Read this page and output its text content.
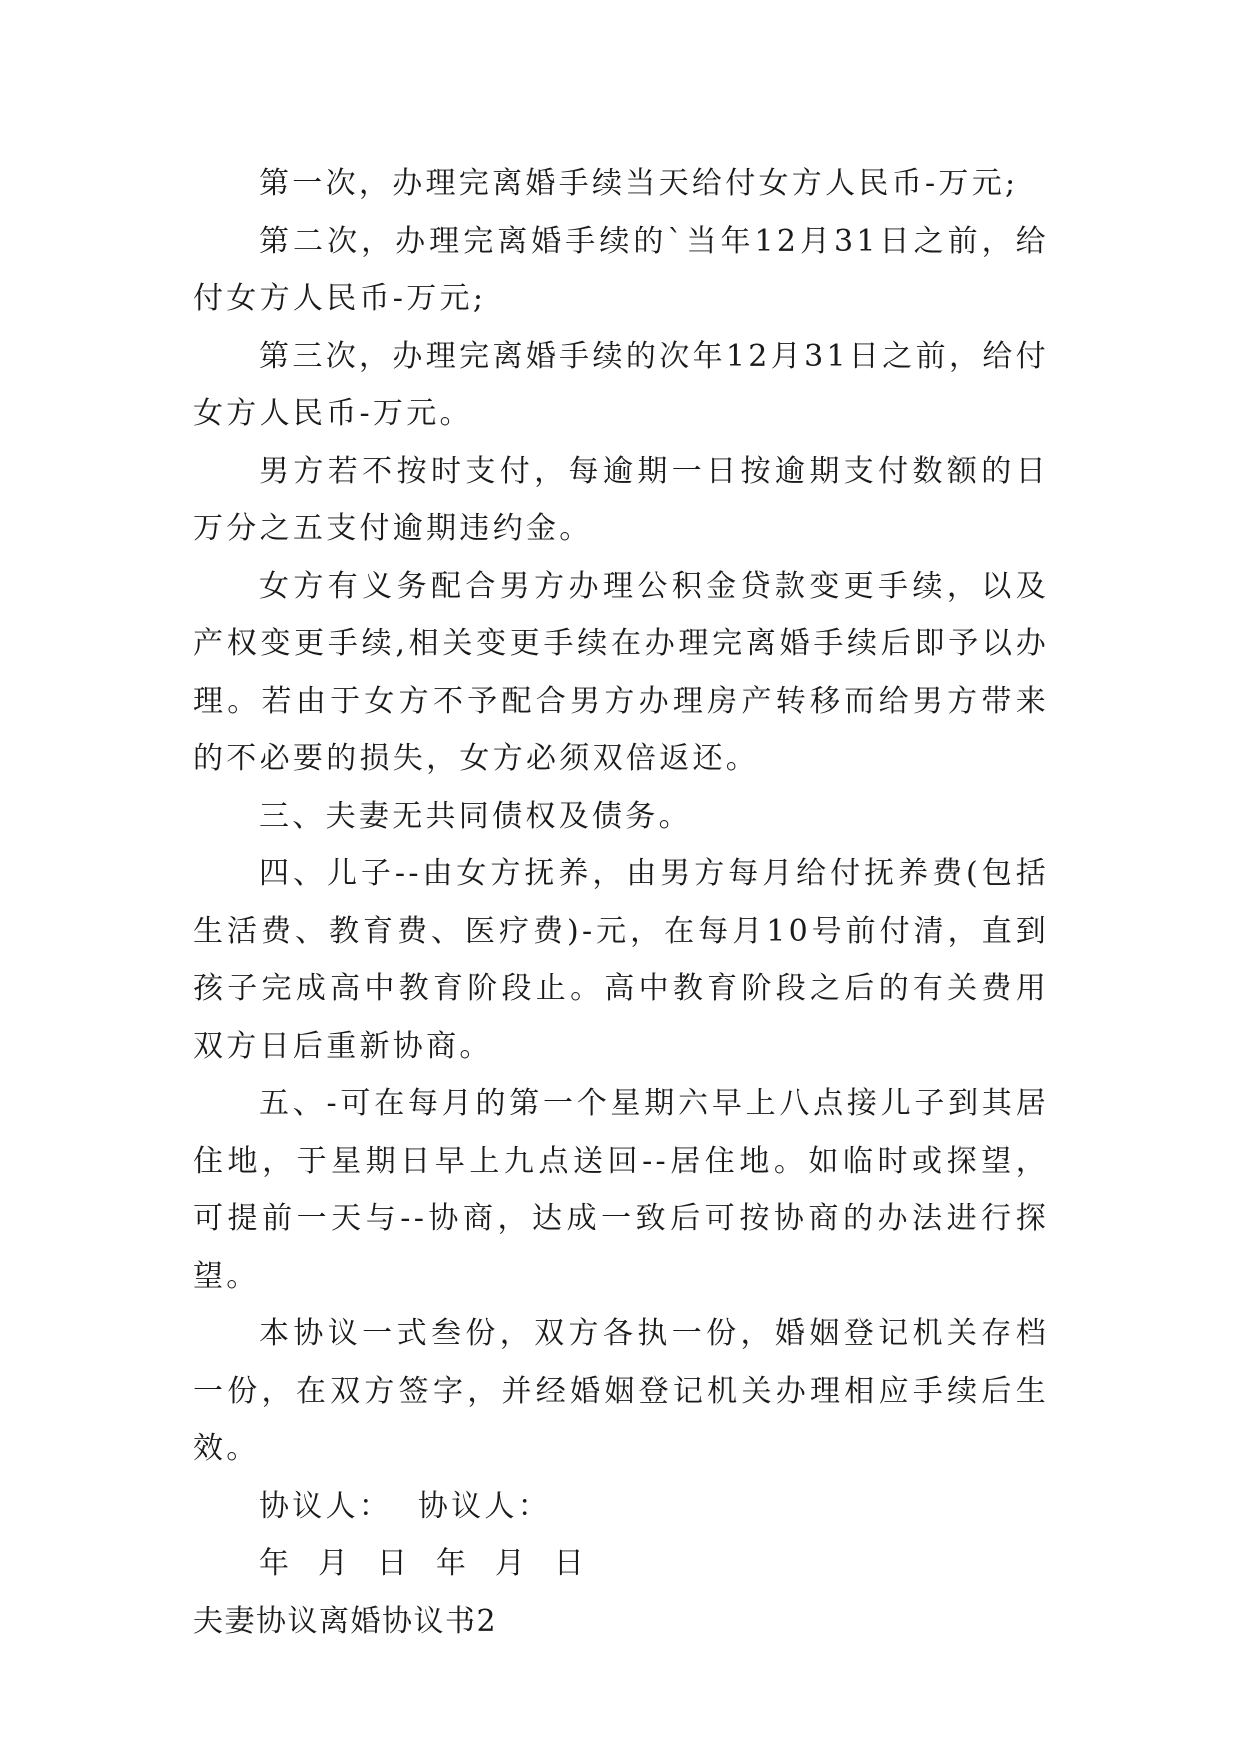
第一次，办理完离婚手续当天给付女方人民币-万元;

第二次，办理完离婚手续的`当年12月31日之前，给付女方人民币-万元;

第三次，办理完离婚手续的次年12月31日之前，给付女方人民币-万元。

男方若不按时支付，每逾期一日按逾期支付数额的日万分之五支付逾期违约金。

女方有义务配合男方办理公积金贷款变更手续，以及产权变更手续,相关变更手续在办理完离婚手续后即予以办理。若由于女方不予配合男方办理房产转移而给男方带来的不必要的损失，女方必须双倍返还。

三、夫妻无共同债权及债务。

四、儿子--由女方抚养，由男方每月给付抚养费(包括生活费、教育费、医疗费)-元，在每月10号前付清，直到孩子完成高中教育阶段止。高中教育阶段之后的有关费用双方日后重新协商。

五、-可在每月的第一个星期六早上八点接儿子到其居住地，于星期日早上九点送回--居住地。如临时或探望，可提前一天与--协商，达成一致后可按协商的办法进行探望。

本协议一式叁份，双方各执一份，婚姻登记机关存档一份，在双方签字，并经婚姻登记机关办理相应手续后生效。

协议人：  协议人：

年  月  日  年  月  日

夫妻协议离婚协议书2
